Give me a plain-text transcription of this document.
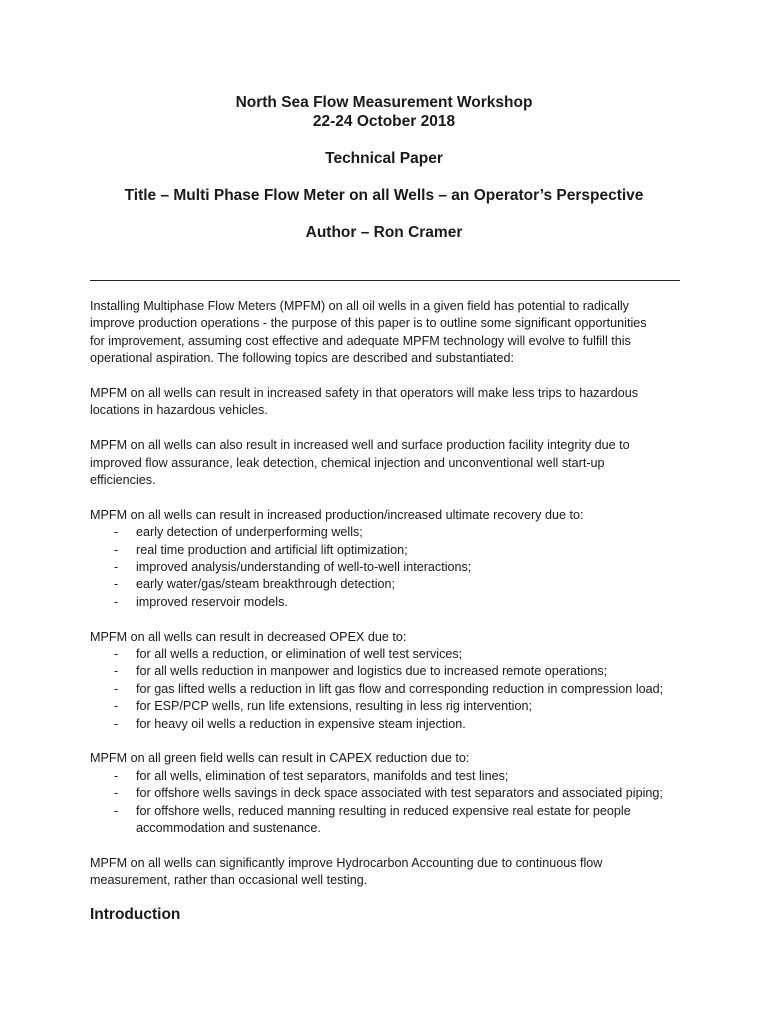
North Sea Flow Measurement Workshop

22-24 October 2018

Technical Paper

Title – Multi Phase Flow Meter on all Wells – an Operator’s Perspective

Author – Ron Cramer

Installing Multiphase Flow Meters (MPFM) on all oil wells in a given field has potential to radically

improve production operations - the purpose of this paper is to outline some significant opportunities

for improvement, assuming cost effective and adequate MPFM technology will evolve to fulfill this

operational aspiration. The following topics are described and substantiated:

MPFM on all wells can result in increased safety in that operators will make less trips to hazardous

locations in hazardous vehicles.

MPFM on all wells can also result in increased well and surface production facility integrity due to

improved flow assurance, leak detection, chemical injection and unconventional well start-up

efficiencies.

MPFM on all wells can result in increased production/increased ultimate recovery due to:

- early detection of underperforming wells;
- real time production and artificial lift optimization;
- improved analysis/understanding of well-to-well interactions;
- early water/gas/steam breakthrough detection;
- improved reservoir models.

MPFM on all wells can result in decreased OPEX due to:

- for all wells a reduction, or elimination of well test services;
- for all wells reduction in manpower and logistics due to increased remote operations;
- for gas lifted wells a reduction in lift gas flow and corresponding reduction in compression load;
- for ESP/PCP wells, run life extensions, resulting in less rig intervention;
- for heavy oil wells a reduction in expensive steam injection.

MPFM on all green field wells can result in CAPEX reduction due to:

- for all wells, elimination of test separators, manifolds and test lines;
- for offshore wells savings in deck space associated with test separators and associated piping;
- for offshore wells, reduced manning resulting in reduced expensive real estate for people
accommodation and sustenance.

MPFM on all wells can significantly improve Hydrocarbon Accounting due to continuous flow

measurement, rather than occasional well testing.

Introduction
